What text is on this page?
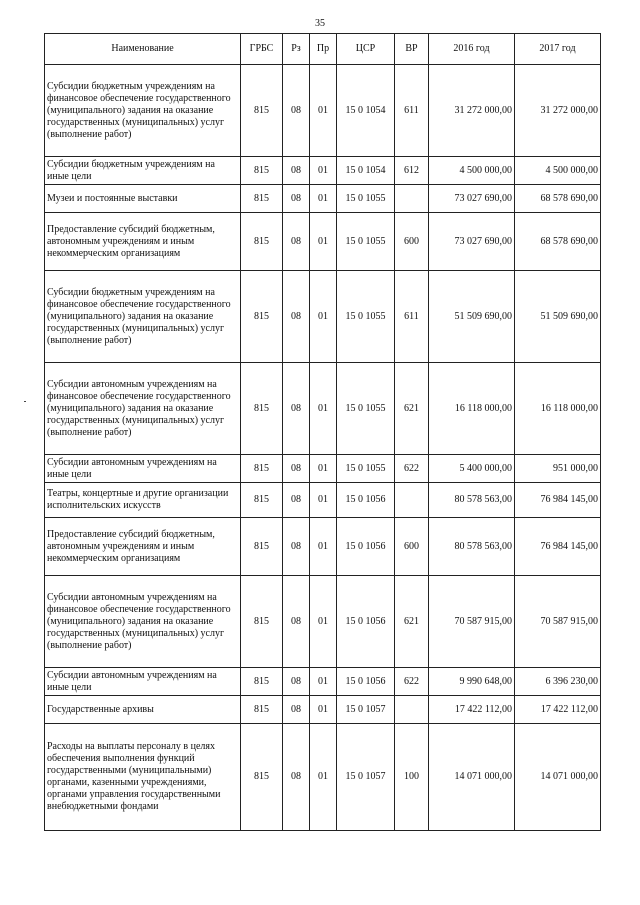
35
Наименование	ГРБС	Рз	Пр	ЦСР	ВР	2016 год	2017 год
Субсидии бюджетным учреждениям на финансовое обеспечение государственного (муниципального) задания на оказание государственных (муниципальных) услуг (выполнение работ)	815	08	01	15 0 1054	611	31 272 000,00	31 272 000,00
Субсидии бюджетным учреждениям на иные цели	815	08	01	15 0 1054	612	4 500 000,00	4 500 000,00
Музеи и постоянные выставки	815	08	01	15 0 1055		73 027 690,00	68 578 690,00
Предоставление субсидий бюджетным, автономным учреждениям и иным некоммерческим организациям	815	08	01	15 0 1055	600	73 027 690,00	68 578 690,00
Субсидии бюджетным учреждениям на финансовое обеспечение государственного (муниципального) задания на оказание государственных (муниципальных) услуг (выполнение работ)	815	08	01	15 0 1055	611	51 509 690,00	51 509 690,00
Субсидии автономным учреждениям на финансовое обеспечение государственного (муниципального) задания на оказание государственных (муниципальных) услуг (выполнение работ)	815	08	01	15 0 1055	621	16 118 000,00	16 118 000,00
Субсидии автономным учреждениям на иные цели	815	08	01	15 0 1055	622	5 400 000,00	951 000,00
Театры, концертные и другие организации исполнительских искусств	815	08	01	15 0 1056		80 578 563,00	76 984 145,00
Предоставление субсидий бюджетным, автономным учреждениям и иным некоммерческим организациям	815	08	01	15 0 1056	600	80 578 563,00	76 984 145,00
Субсидии автономным учреждениям на финансовое обеспечение государственного (муниципального) задания на оказание государственных (муниципальных) услуг (выполнение работ)	815	08	01	15 0 1056	621	70 587 915,00	70 587 915,00
Субсидии автономным учреждениям на иные цели	815	08	01	15 0 1056	622	9 990 648,00	6 396 230,00
Государственные архивы	815	08	01	15 0 1057		17 422 112,00	17 422 112,00
Расходы на выплаты персоналу в целях обеспечения выполнения функций государственными (муниципальными) органами, казенными учреждениями, органами управления государственными внебюджетными фондами	815	08	01	15 0 1057	100	14 071 000,00	14 071 000,00
